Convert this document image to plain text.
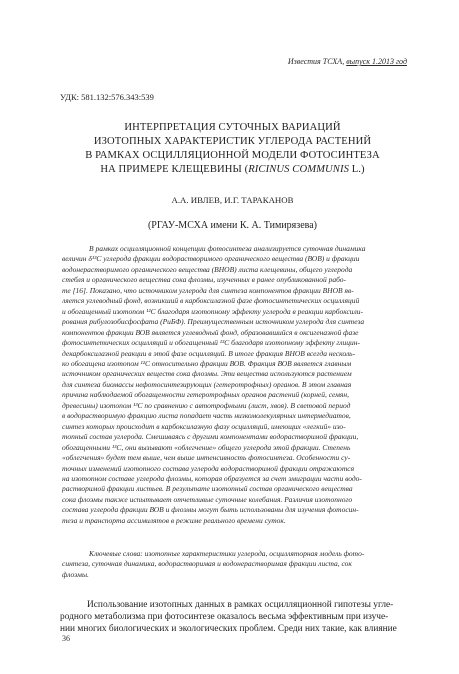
Известия ТСХА, выпуск 1.2013 год
УДК: 581.132:576.343:539
ИНТЕРПРЕТАЦИЯ СУТОЧНЫХ ВАРИАЦИЙ
ИЗОТОПНЫХ ХАРАКТЕРИСТИК УГЛЕРОДА РАСТЕНИЙ
В РАМКАХ ОСЦИЛЛЯЦИОННОЙ МОДЕЛИ ФОТОСИНТЕЗА
НА ПРИМЕРЕ КЛЕЩЕВИНЫ (RICINUS COMMUNIS L.)
А.А. ИВЛЕВ, И.Г. ТАРАКАНОВ
(РГАУ-МСХА имени К. А. Тимирязева)
В рамках осцилляционной концепции фотосинтеза анализируется суточная динамика
величин δ¹³С углерода фракции водорастворимого органического вещества (ВОВ) и фракции
водонерастворимого органического вещества (ВНОВ) листа клещевины, общего углерода
стебля и органического вещества сока флоэмы, изученных в ранее опубликованной рабо-
те [16]. Показано, что источником углерода для синтеза компонентов фракции ВНОВ яв-
ляется углеводный фонд, возникший в карбоксилазной фазе фотосинтетических осцилляций
и обогащенный изотопом ¹²С благодаря изотопному эффекту углерода в реакции карбоксили-
рования рибулозобисфосфата (РuБФ). Преимущественным источником углерода для синтеза
компонентов фракции ВОВ является углеводный фонд, образовавшийся в оксигеназной фазе
фотосинтетических осцилляций и обогащенный ¹³С благодаря изотопному эффекту глицин-
декарбоксилазной реакции в этой фазе осцилляций. В итоге фракция ВНОВ всегда несколь-
ко обогащена изотопом ¹²С относительно фракции ВОВ. Фракция ВОВ является главным
источником органических веществ сока флоэмы. Эти вещества используются растением
для синтеза биомассы нефотосинтезирующих (гетеротрофных) органов. В этом главная
причина наблюдаемой обогащенности гетеротрофных органов растений (корней, семян,
древесины) изотопом ¹³С по сравнению с автотрофными (лист, хвоя). В световой период
в водорастворимую фракцию листа попадает часть низкомолекулярных интермедиатов,
синтез которых происходит в карбоксилазную фазу осцилляций, имеющих «легкий» изо-
топный состав углерода. Смешиваясь с другими компонентами водорастворимой фракции,
обогащенными ¹³С, они вызывают «облегчение» общего углерода этой фракции. Степень
«облегчения» будет тем выше, чем выше интенсивность фотосинтеза. Особенности су-
точных изменений изотопного состава углерода водорастворимой фракции отражаются
на изотопном составе углерода флоэмы, которая образуется за счет эмиграции части водо-
растворимой фракции листьев. В результате изотопный состав органического вещества
сока флоэмы также испытывает отчетливые суточные колебания. Различия изотопного
состава углерода фракции ВОВ и флоэмы могут быть использованы для изучения фотосин-
теза и транспорта ассимилятов в режиме реального времени суток.
Ключевые слова: изотопные характеристики углерода, осцилляторная модель фото-
синтеза, суточная динамика, водорастворимая и водонерастворимая фракции листа, сок
флоэмы.
Использование изотопных данных в рамках осцилляционной гипотезы угле-
родного метаболизма при фотосинтезе оказалось весьма эффективным при изуче-
нии многих биологических и экологических проблем. Среди них такие, как влияние
36
